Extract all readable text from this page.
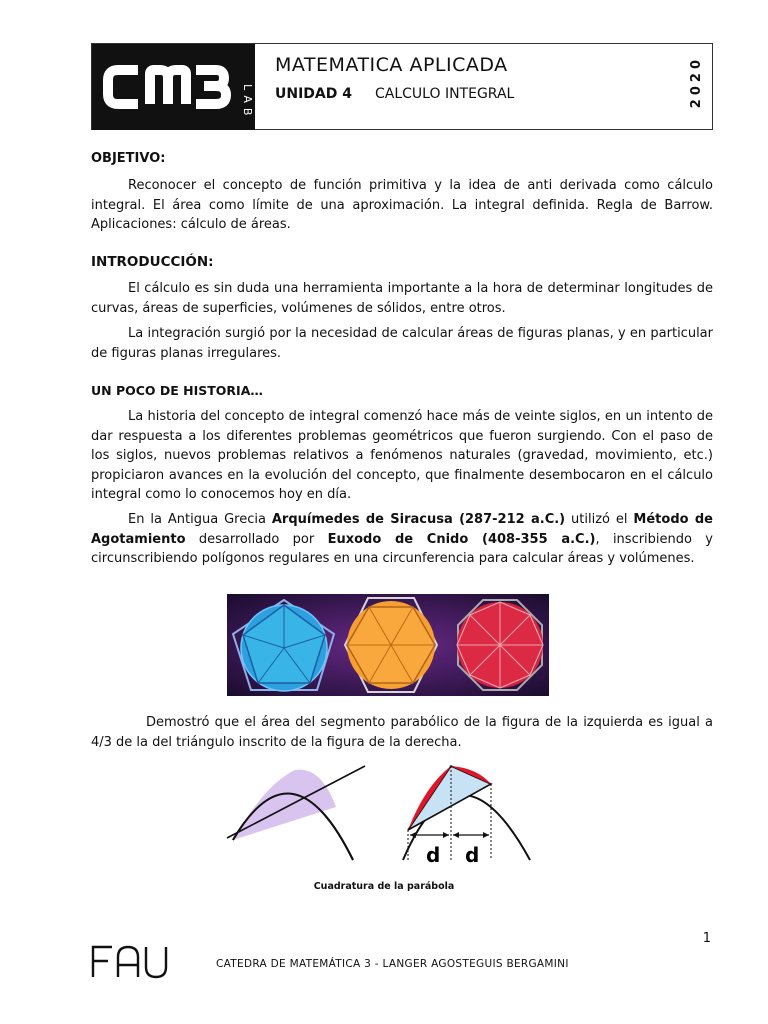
LAB
MATEMATICA APLICADA
UNIDAD 4 CALCULO INTEGRAL	2020
OBJETIVO:
Reconocer el concepto de función primitiva y la idea de anti derivada como cálculo integral. El área como límite de una aproximación. La integral definida. Regla de Barrow. Aplicaciones: cálculo de áreas.
INTRODUCCIÓN:
El cálculo es sin duda una herramienta importante a la hora de determinar longitudes de curvas, áreas de superficies, volúmenes de sólidos, entre otros.
La integración surgió por la necesidad de calcular áreas de figuras planas, y en particular de figuras planas irregulares.
UN POCO DE HISTORIA…
La historia del concepto de integral comenzó hace más de veinte siglos, en un intento de dar respuesta a los diferentes problemas geométricos que fueron surgiendo. Con el paso de los siglos, nuevos problemas relativos a fenómenos naturales (gravedad, movimiento, etc.) propiciaron avances en la evolución del concepto, que finalmente desembocaron en el cálculo integral como lo conocemos hoy en día.
En la Antigua Grecia Arquímedes de Siracusa (287-212 a.C.) utilizó el Método de Agotamiento desarrollado por Euxodo de Cnido (408-355 a.C.), inscribiendo y circunscribiendo polígonos regulares en una circunferencia para calcular áreas y volúmenes.
Demostró que el área del segmento parabólico de la figura de la izquierda es igual a 4/3 de la del triángulo inscrito de la figura de la derecha.
d d
Cuadratura de la parábola
1
FAU
CATEDRA DE MATEMÁTICA 3 - LANGER AGOSTEGUIS BERGAMINI
